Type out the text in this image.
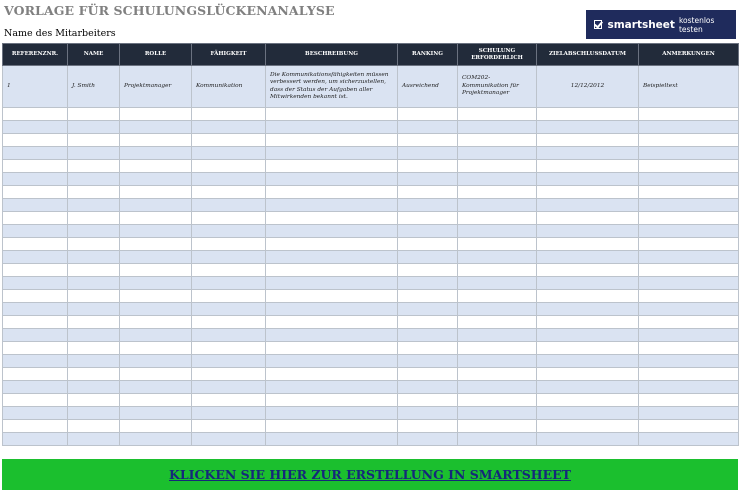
VORLAGE FÜR SCHULUNGSLÜCKENANALYSE
Name des Mitarbeiters
smartsheet kostenlos testen
REFERENZNR.	NAME	ROLLE	FÄHIGKEIT	BESCHREIBUNG	RANKING	SCHULUNG ERFORDERLICH	ZIELABSCHLUSSDATUM	ANMERKUNGEN
1	J. Smith	Projektmanager	Kommunikation	Die Kommunikationsfähigkeiten müssen verbessert werden, um sicherzustellen, dass der Status der Aufgaben aller Mitwirkenden bekannt ist.	Ausreichend	COM202-Kommunikation für Projektmanager	12/12/2012	Beispieltext

KLICKEN SIE HIER ZUR ERSTELLUNG IN SMARTSHEET
